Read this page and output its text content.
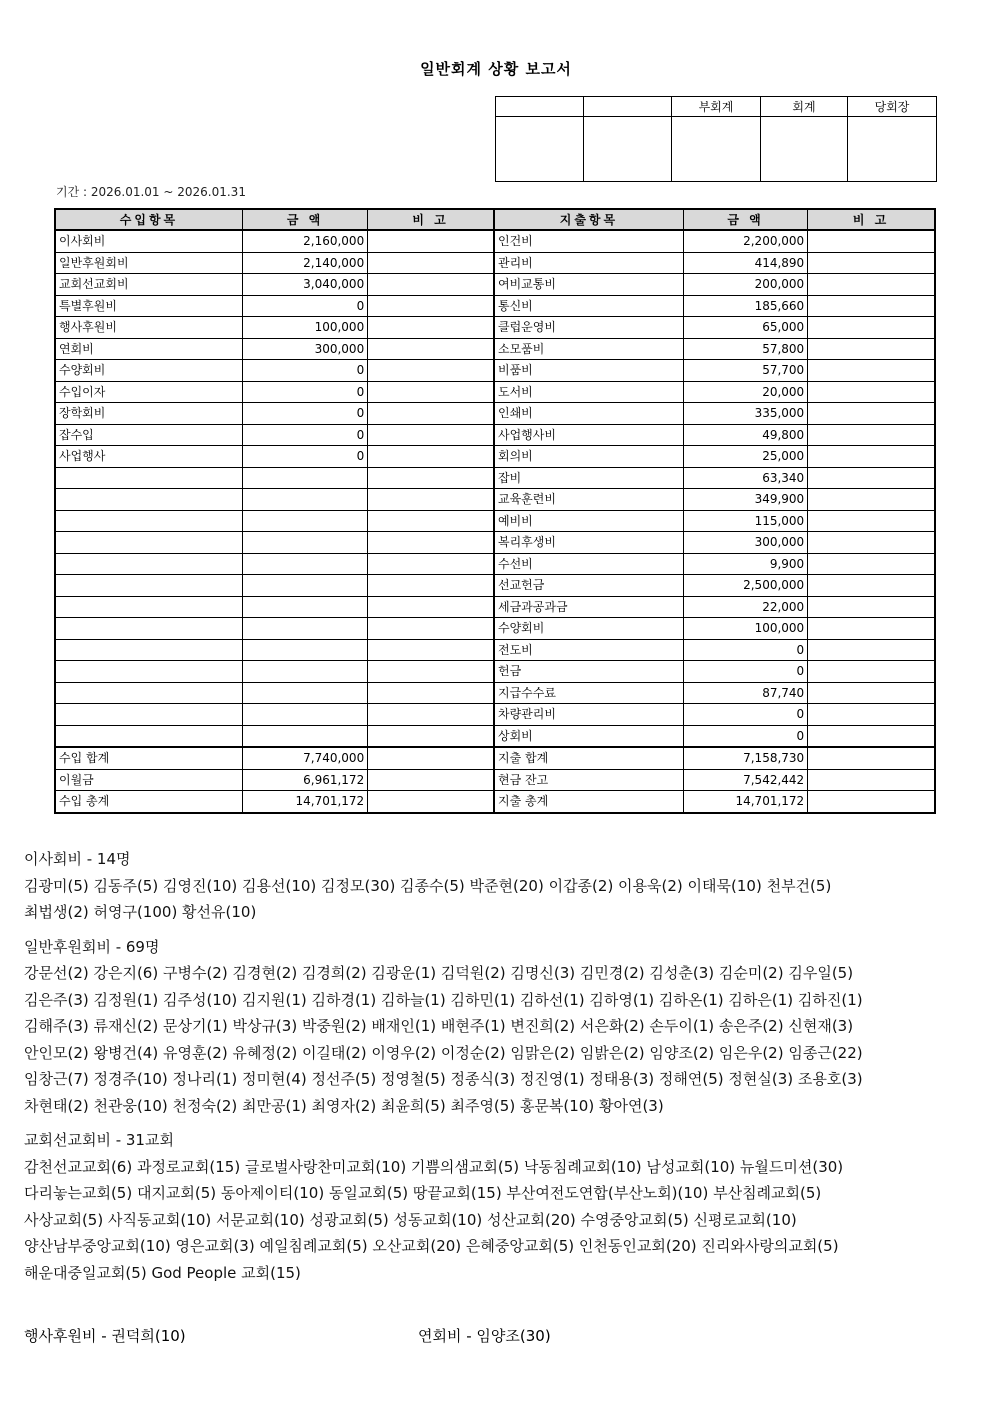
일반회계 상황 보고서
		부회계	회계	당회장

기간 : 2026.01.01 ~ 2026.01.31
수입항목	금 액	비 고	지출항목	금 액	비 고
이사회비	2,160,000		인건비	2,200,000	
일반후원회비	2,140,000		관리비	414,890	
교회선교회비	3,040,000		여비교통비	200,000	
특별후원비	0		통신비	185,660	
행사후원비	100,000		클럽운영비	65,000	
연회비	300,000		소모품비	57,800	
수양회비	0		비품비	57,700	
수입이자	0		도서비	20,000	
장학회비	0		인쇄비	335,000	
잡수입	0		사업행사비	49,800	
사업행사	0		회의비	25,000	
			잡비	63,340	
			교육훈련비	349,900	
			예비비	115,000	
			복리후생비	300,000	
			수선비	9,900	
			선교헌금	2,500,000	
			세금과공과금	22,000	
			수양회비	100,000	
			전도비	0	
			헌금	0	
			지급수수료	87,740	
			차량관리비	0	
			상회비	0	
수입 합계	7,740,000		지출 합계	7,158,730	
이월금	6,961,172		현금 잔고	7,542,442	
수입 총계	14,701,172		지출 총계	14,701,172	
이사회비 - 14명
김광미(5) 김동주(5) 김영진(10) 김용선(10) 김정모(30) 김종수(5) 박준현(20) 이갑종(2) 이용욱(2) 이태묵(10) 천부건(5)
최법생(2) 허영구(100) 황선유(10)
일반후원회비 - 69명
강문선(2) 강은지(6) 구병수(2) 김경현(2) 김경희(2) 김광운(1) 김덕원(2) 김명신(3) 김민경(2) 김성춘(3) 김순미(2) 김우일(5)
김은주(3) 김정원(1) 김주성(10) 김지원(1) 김하경(1) 김하늘(1) 김하민(1) 김하선(1) 김하영(1) 김하온(1) 김하은(1) 김하진(1)
김해주(3) 류재신(2) 문상기(1) 박상규(3) 박중원(2) 배재인(1) 배현주(1) 변진희(2) 서은화(2) 손두이(1) 송은주(2) 신현재(3)
안인모(2) 왕병건(4) 유영훈(2) 유혜정(2) 이길태(2) 이영우(2) 이정순(2) 임맑은(2) 임밝은(2) 임양조(2) 임은우(2) 임종근(22)
임창근(7) 정경주(10) 정나리(1) 정미현(4) 정선주(5) 정영철(5) 정종식(3) 정진영(1) 정태용(3) 정해연(5) 정현실(3) 조용호(3)
차현태(2) 천관웅(10) 천정숙(2) 최만공(1) 최영자(2) 최윤희(5) 최주영(5) 홍문복(10) 황아연(3)
교회선교회비 - 31교회
감천선교교회(6) 과정로교회(15) 글로벌사랑찬미교회(10) 기쁨의샘교회(5) 낙동침례교회(10) 남성교회(10) 뉴월드미션(30)
다리놓는교회(5) 대지교회(5) 동아제이티(10) 동일교회(5) 땅끝교회(15) 부산여전도연합(부산노회)(10) 부산침례교회(5)
사상교회(5) 사직동교회(10) 서문교회(10) 성광교회(5) 성동교회(10) 성산교회(20) 수영중앙교회(5) 신평로교회(10)
양산남부중앙교회(10) 영은교회(3) 예일침례교회(5) 오산교회(20) 은혜중앙교회(5) 인천동인교회(20) 진리와사랑의교회(5)
해운대중일교회(5) God People 교회(15)
행사후원비 - 권덕희(10)	연회비 - 임양조(30)
